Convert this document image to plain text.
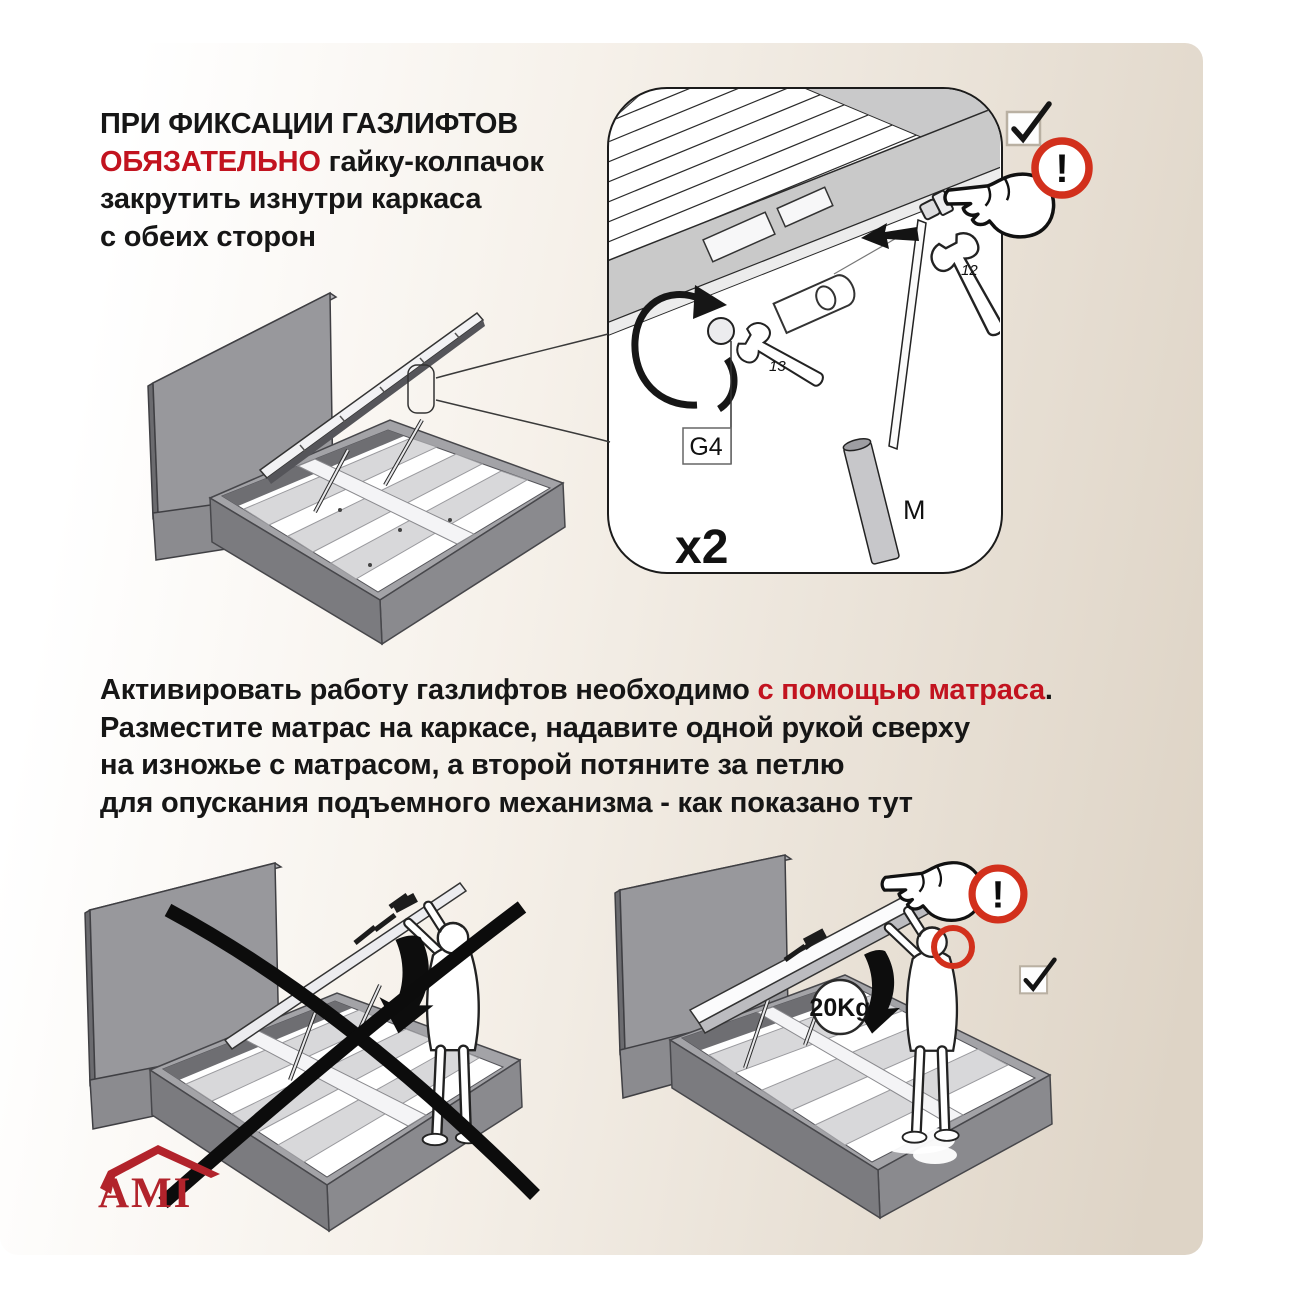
ПРИ ФИКСАЦИИ ГАЗЛИФТОВ
ОБЯЗАТЕЛЬНО гайку-колпачок
закрутить изнутри каркаса
с обеих сторон
Активировать работу газлифтов необходимо с помощью матраса.
Разместите матрас на каркасе, надавите одной рукой сверху
на изножье с матрасом, а второй потяните за петлю
для опускания подъемного механизма - как показано тут
G4
13
12
M
x2
20Kg
AMI
